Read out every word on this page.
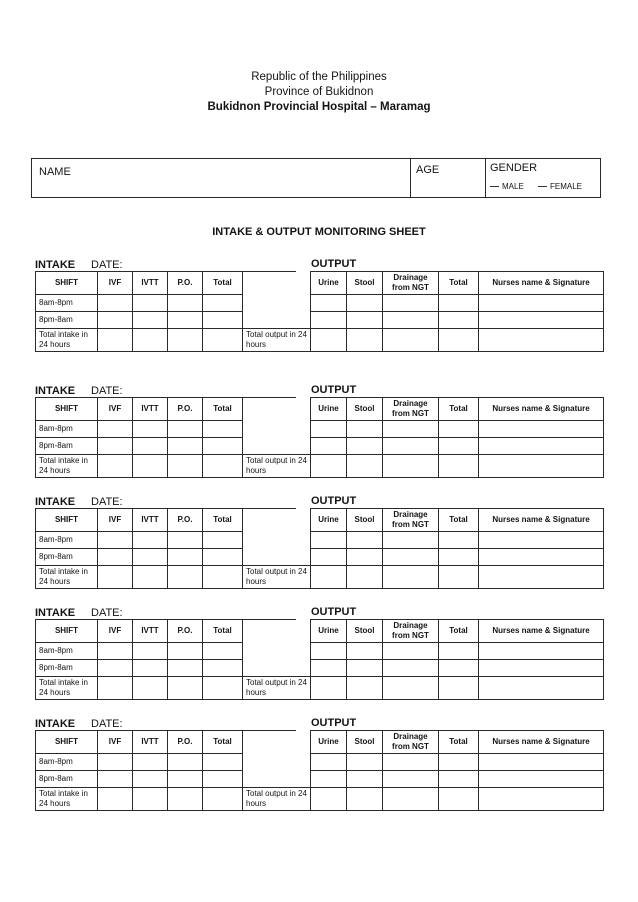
Republic of the Philippines
Province of Bukidnon
Bukidnon Provincial Hospital – Maramag
NAME	AGE	GENDER
MALE	FEMALE
INTAKE & OUTPUT MONITORING SHEET
INTAKE DATE:	OUTPUT
SHIFT	IVF	IVTT	P.O.	Total		Urine	Stool	Drainage from NGT	Total	Nurses name & Signature
8am-8pm										
8pm-8am										
Total intake in 24 hours					Total output in 24 hours					
INTAKE DATE:	OUTPUT
SHIFT	IVF	IVTT	P.O.	Total		Urine	Stool	Drainage from NGT	Total	Nurses name & Signature
8am-8pm										
8pm-8am										
Total intake in 24 hours					Total output in 24 hours					
INTAKE DATE:	OUTPUT
SHIFT	IVF	IVTT	P.O.	Total		Urine	Stool	Drainage from NGT	Total	Nurses name & Signature
8am-8pm										
8pm-8am										
Total intake in 24 hours					Total output in 24 hours					
INTAKE DATE:	OUTPUT
SHIFT	IVF	IVTT	P.O.	Total		Urine	Stool	Drainage from NGT	Total	Nurses name & Signature
8am-8pm										
8pm-8am										
Total intake in 24 hours					Total output in 24 hours					
INTAKE DATE:	OUTPUT
SHIFT	IVF	IVTT	P.O.	Total		Urine	Stool	Drainage from NGT	Total	Nurses name & Signature
8am-8pm										
8pm-8am										
Total intake in 24 hours					Total output in 24 hours					
